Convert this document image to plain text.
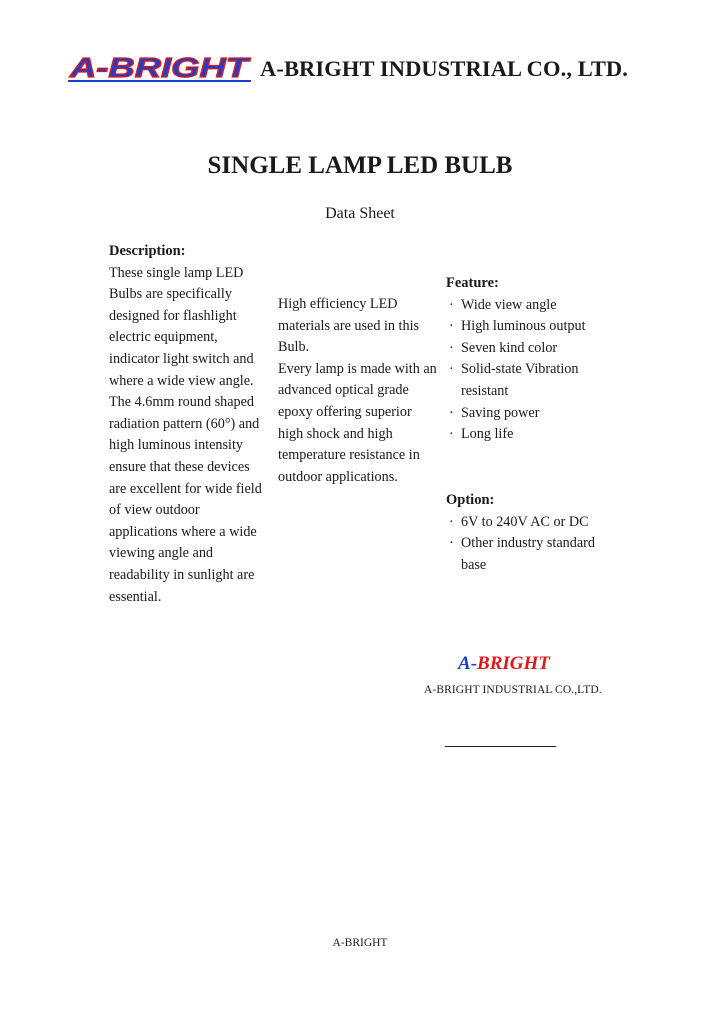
A-BRIGHT A-BRIGHT INDUSTRIAL CO., LTD.
SINGLE LAMP LED BULB
Data Sheet
Description:
These single lamp LED
Bulbs are specifically
designed for flashlight
electric equipment,
indicator light switch and
where a wide view angle.
The 4.6mm round shaped
radiation pattern (60°) and
high luminous intensity
ensure that these devices
are excellent for wide field
of view outdoor
applications where a wide
viewing angle and
readability in sunlight are
essential.
High efficiency LED
materials are used in this
Bulb.
Every lamp is made with an
advanced optical grade
epoxy offering superior
high shock and high
temperature resistance in
outdoor applications.
Feature:
· Wide view angle
· High luminous output
· Seven kind color
· Solid-state Vibration
resistant
· Saving power
· Long life
Option:
· 6V to 240V AC or DC
· Other industry standard
base
A-BRIGHT
A-BRIGHT INDUSTRIAL CO.,LTD.
A-BRIGHT
